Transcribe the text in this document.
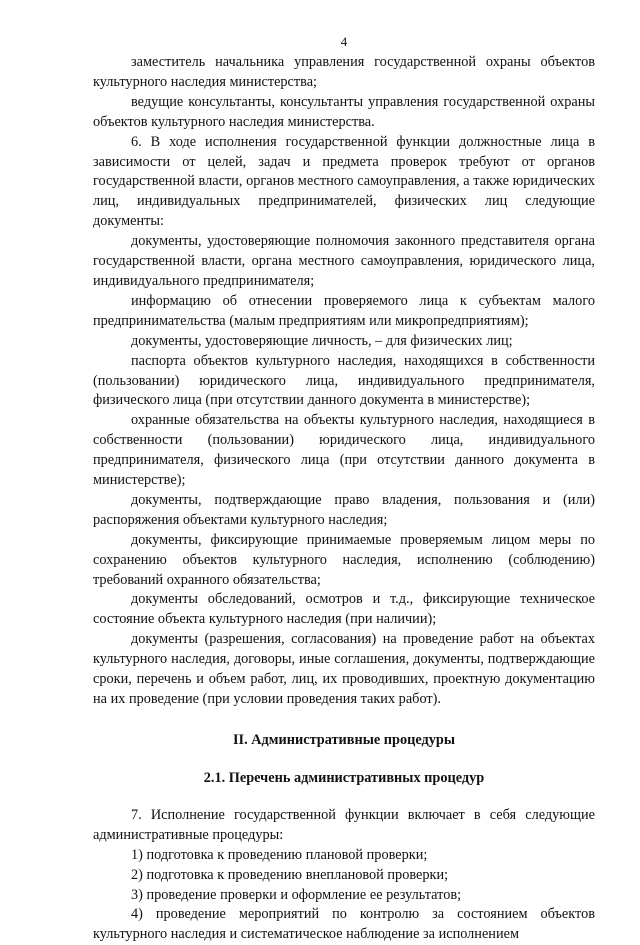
4

заместитель начальника управления государственной охраны объектов культурного наследия министерства;

ведущие консультанты, консультанты управления государственной охраны объектов культурного наследия министерства.

6. В ходе исполнения государственной функции должностные лица в зависимости от целей, задач и предмета проверок требуют от органов государственной власти, органов местного самоуправления, а также юридических лиц, индивидуальных предпринимателей, физических лиц следующие документы:

документы, удостоверяющие полномочия законного представителя органа государственной власти, органа местного самоуправления, юридического лица, индивидуального предпринимателя;

информацию об отнесении проверяемого лица к субъектам малого предпринимательства (малым предприятиям или микропредприятиям);

документы, удостоверяющие личность, – для физических лиц;

паспорта объектов культурного наследия, находящихся в собственности (пользовании) юридического лица, индивидуального предпринимателя, физического лица (при отсутствии данного документа в министерстве);

охранные обязательства на объекты культурного наследия, находящиеся в собственности (пользовании) юридического лица, индивидуального предпринимателя, физического лица (при отсутствии данного документа в министерстве);

документы, подтверждающие право владения, пользования и (или) распоряжения объектами культурного наследия;

документы, фиксирующие принимаемые проверяемым лицом меры по сохранению объектов культурного наследия, исполнению (соблюдению) требований охранного обязательства;

документы обследований, осмотров и т.д., фиксирующие техническое состояние объекта культурного наследия (при наличии);

документы (разрешения, согласования) на проведение работ на объектах культурного наследия, договоры, иные соглашения, документы, подтверждающие сроки, перечень и объем работ, лиц, их проводивших, проектную документацию на их проведение (при условии проведения таких работ).

II. Административные процедуры
2.1. Перечень административных процедур

7. Исполнение государственной функции включает в себя следующие административные процедуры:

1) подготовка к проведению плановой проверки;

2) подготовка к проведению внеплановой проверки;

3) проведение проверки и оформление ее результатов;

4) проведение мероприятий по контролю за состоянием объектов культурного наследия и систематическое наблюдение за исполнением
